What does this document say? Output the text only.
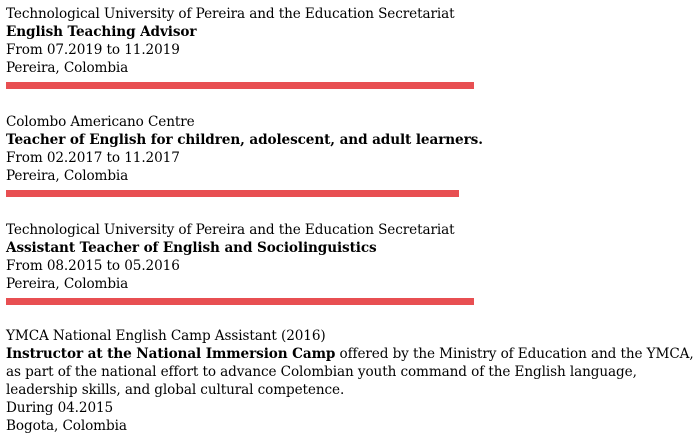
Technological University of Pereira and the Education Secretariat
English Teaching Advisor
From 07.2019 to 11.2019
Pereira, Colombia
Colombo Americano Centre
Teacher of English for children, adolescent, and adult learners.
From 02.2017 to 11.2017
Pereira, Colombia
Technological University of Pereira and the Education Secretariat
Assistant Teacher of English and Sociolinguistics
From 08.2015 to 05.2016
Pereira, Colombia
YMCA National English Camp Assistant (2016)
Instructor at the National Immersion Camp offered by the Ministry of Education and the YMCA, as part of the national effort to advance Colombian youth command of the English language, leadership skills, and global cultural competence.
During 04.2015
Bogota, Colombia
